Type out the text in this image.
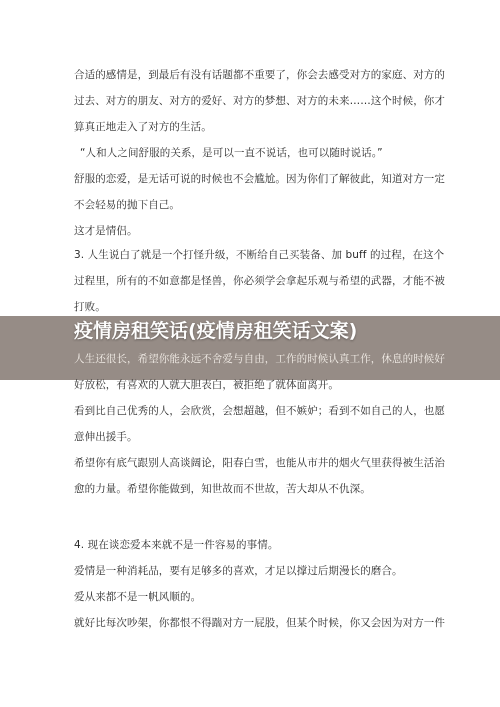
合适的感情是，到最后有没有话题都不重要了，你会去感受对方的家庭、对方的
过去、对方的朋友、对方的爱好、对方的梦想、对方的未来……这个时候，你才
算真正地走入了对方的生活。
“人和人之间舒服的关系，是可以一直不说话，也可以随时说话。”
舒服的恋爱，是无话可说的时候也不会尴尬。因为你们了解彼此，知道对方一定
不会轻易的抛下自己。
这才是情侣。
3. 人生说白了就是一个打怪升级，不断给自己买装备、加 buff 的过程，在这个
过程里，所有的不如意都是怪兽，你必须学会拿起乐观与希望的武器，才能不被
打败。
人生还很长，希望你能永远不舍爱与自由，工作的时候认真工作，休息的时候好
好放松，有喜欢的人就大胆表白，被拒绝了就体面离开。
疫情房租笑话(疫情房租笑话文案)
看到比自己优秀的人，会欣赏，会想超越，但不嫉妒；看到不如自己的人，也愿
意伸出援手。
希望你有底气跟别人高谈阔论，阳春白雪，也能从市井的烟火气里获得被生活治
愈的力量。希望你能做到，知世故而不世故，苦大却从不仇深。
4. 现在谈恋爱本来就不是一件容易的事情。
爱情是一种消耗品，要有足够多的喜欢，才足以撑过后期漫长的磨合。
爱从来都不是一帆风顺的。
就好比每次吵架，你都恨不得踹对方一屁股，但某个时候，你又会因为对方一件
